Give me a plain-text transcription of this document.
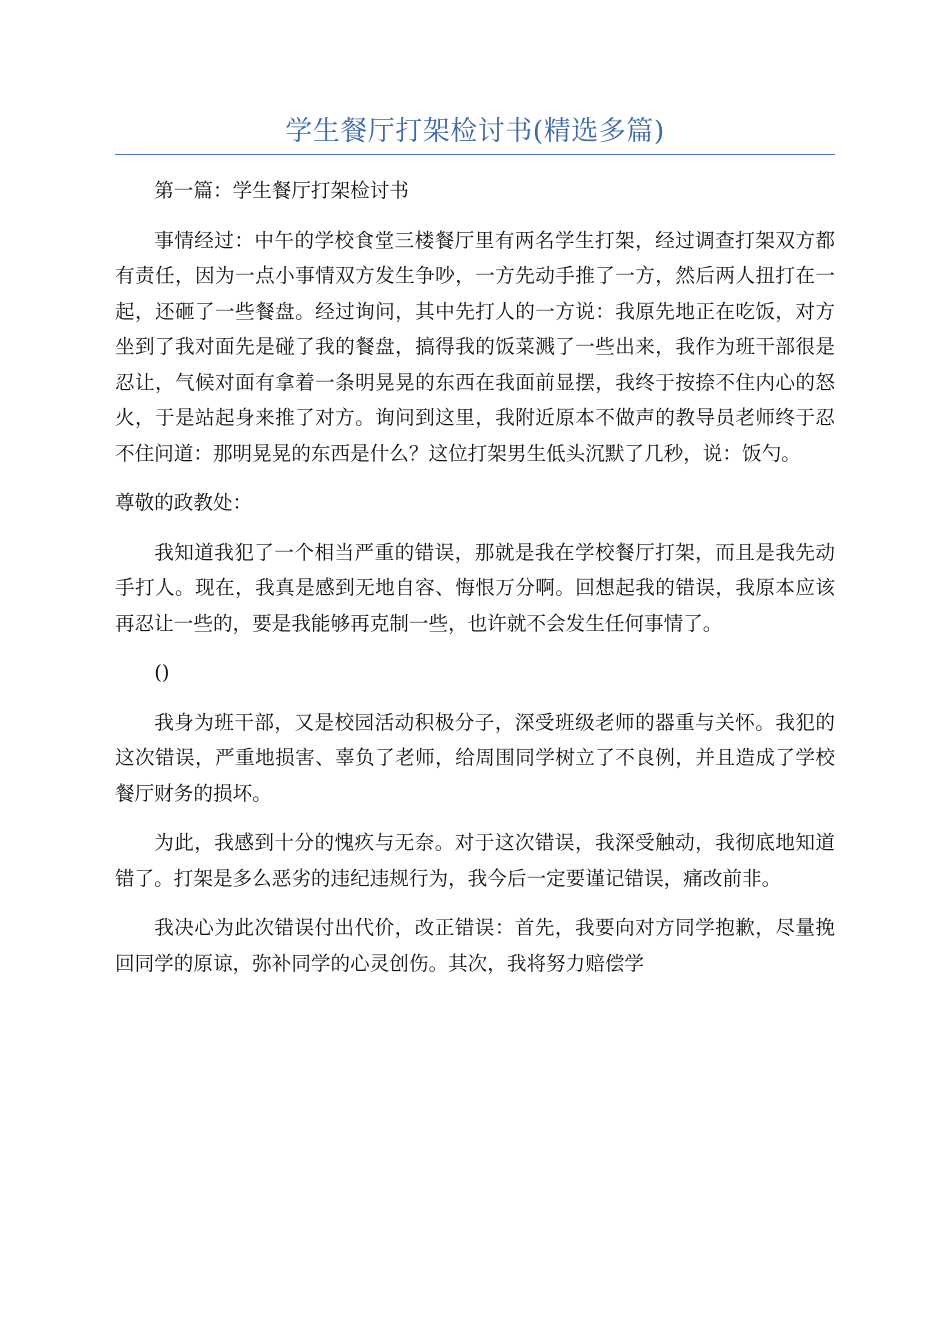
学生餐厅打架检讨书(精选多篇)

第一篇：学生餐厅打架检讨书

事情经过：中午的学校食堂三楼餐厅里有两名学生打架，经过调查打架双方都有责任，因为一点小事情双方发生争吵，一方先动手推了一方，然后两人扭打在一起，还砸了一些餐盘。经过询问，其中先打人的一方说：我原先地正在吃饭，对方坐到了我对面先是碰了我的餐盘，搞得我的饭菜溅了一些出来，我作为班干部很是忍让，气候对面有拿着一条明晃晃的东西在我面前显摆，我终于按捺不住内心的怒火，于是站起身来推了对方。询问到这里，我附近原本不做声的教导员老师终于忍不住问道：那明晃晃的东西是什么？这位打架男生低头沉默了几秒，说：饭勺。

尊敬的政教处：

我知道我犯了一个相当严重的错误，那就是我在学校餐厅打架，而且是我先动手打人。现在，我真是感到无地自容、悔恨万分啊。回想起我的错误，我原本应该再忍让一些的，要是我能够再克制一些，也许就不会发生任何事情了。

()

我身为班干部，又是校园活动积极分子，深受班级老师的器重与关怀。我犯的这次错误，严重地损害、辜负了老师，给周围同学树立了不良例，并且造成了学校餐厅财务的损坏。

为此，我感到十分的愧疚与无奈。对于这次错误，我深受触动，我彻底地知道错了。打架是多么恶劣的违纪违规行为，我今后一定要谨记错误，痛改前非。

我决心为此次错误付出代价，改正错误：首先，我要向对方同学抱歉，尽量挽回同学的原谅，弥补同学的心灵创伤。其次，我将努力赔偿学
